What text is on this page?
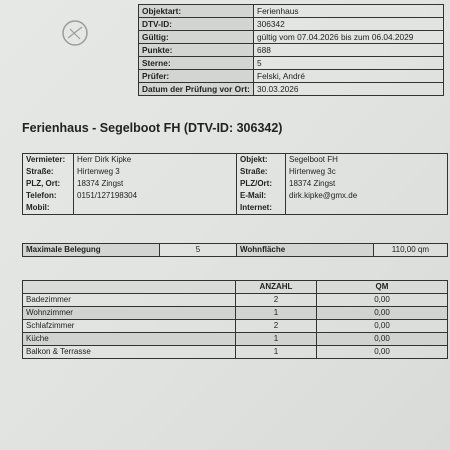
Objektart:	Ferienhaus
DTV-ID:	306342
Gültig:	gültig vom 07.04.2026 bis zum 06.04.2029
Punkte:	688
Sterne:	5
Prüfer:	Felski, André
Datum der Prüfung vor Ort:	30.03.2026
Ferienhaus - Segelboot FH (DTV-ID: 306342)
Vermieter:	Herr Dirk Kipke	Objekt:	Segelboot FH
Straße:	Hirtenweg 3	Straße:	Hirtenweg 3c
PLZ, Ort:	18374 Zingst	PLZ/Ort:	18374 Zingst
Telefon:	0151/127198304	E-Mail:	dirk.kipke@gmx.de
Mobil:		Internet:	
Maximale Belegung	5	Wohnfläche	110,00 qm
	ANZAHL	QM
Badezimmer	2	0,00
Wohnzimmer	1	0,00
Schlafzimmer	2	0,00
Küche	1	0,00
Balkon & Terrasse	1	0,00
